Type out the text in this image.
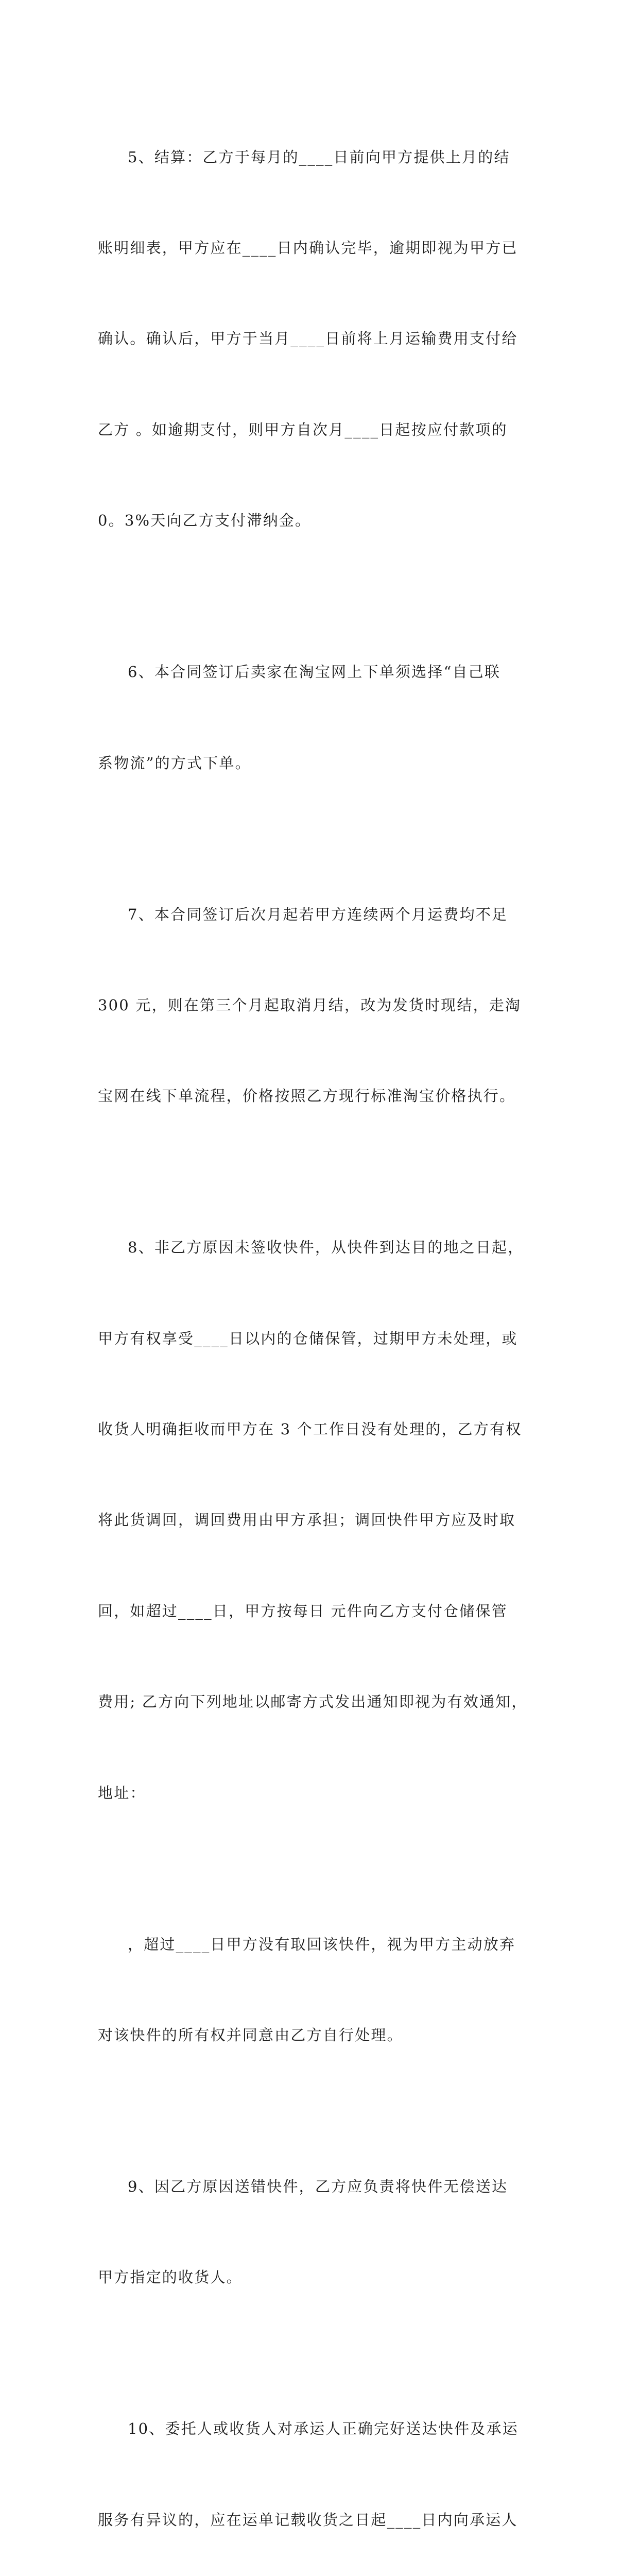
5、结算：乙方于每月的____日前向甲方提供上月的结

账明细表，甲方应在____日内确认完毕，逾期即视为甲方已

确认。确认后，甲方于当月____日前将上月运输费用支付给

乙方 。如逾期支付，则甲方自次月____日起按应付款项的

0。3%天向乙方支付滞纳金。

6、本合同签订后卖家在淘宝网上下单须选择“自己联

系物流”的方式下单。

7、本合同签订后次月起若甲方连续两个月运费均不足

300 元，则在第三个月起取消月结，改为发货时现结，走淘

宝网在线下单流程，价格按照乙方现行标准淘宝价格执行。

8、非乙方原因未签收快件，从快件到达目的地之日起，

甲方有权享受____日以内的仓储保管，过期甲方未处理，或

收货人明确拒收而甲方在 3 个工作日没有处理的，乙方有权

将此货调回，调回费用由甲方承担；调回快件甲方应及时取

回，如超过____日，甲方按每日 元件向乙方支付仓储保管

费用; 乙方向下列地址以邮寄方式发出通知即视为有效通知，

地址：

，超过____日甲方没有取回该快件，视为甲方主动放弃

对该快件的所有权并同意由乙方自行处理。

9、因乙方原因送错快件，乙方应负责将快件无偿送达

甲方指定的收货人。

10、委托人或收货人对承运人正确完好送达快件及承运

服务有异议的，应在运单记载收货之日起____日内向承运人
